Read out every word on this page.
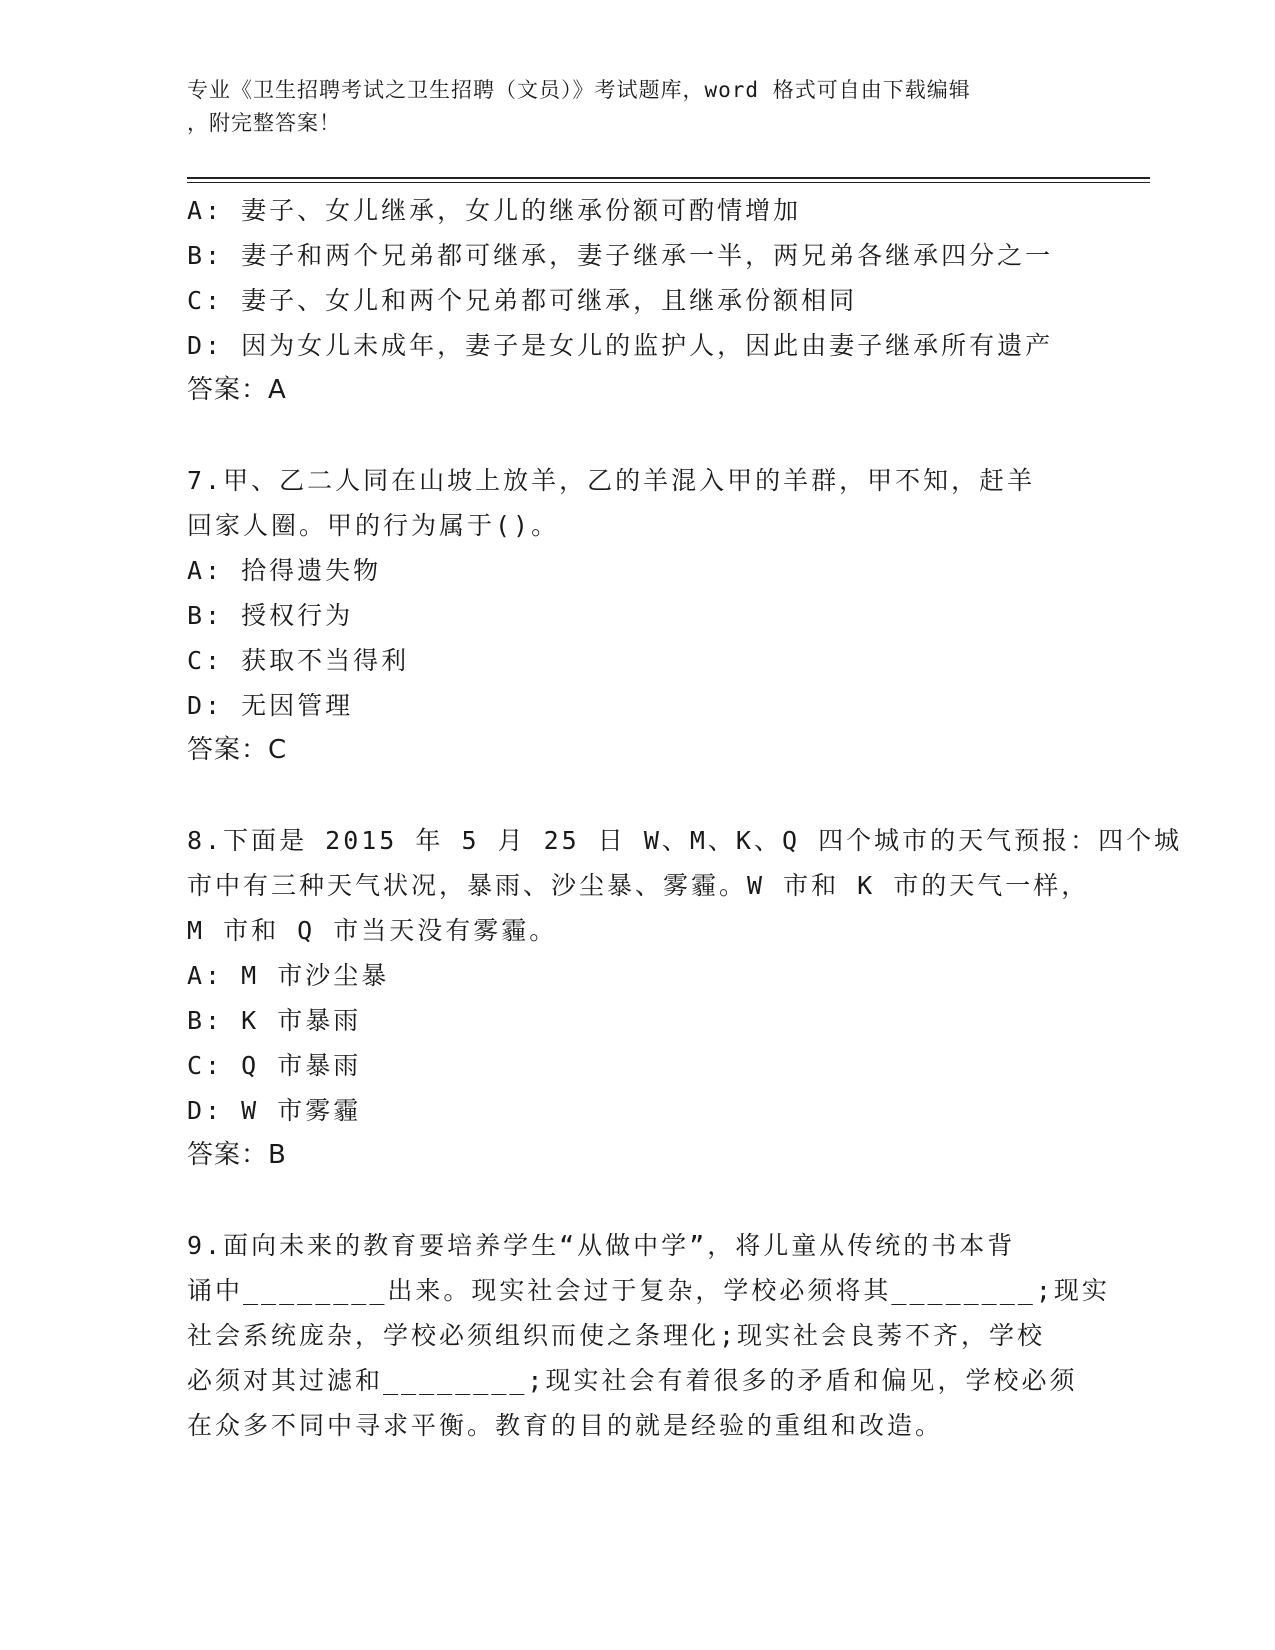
专业《卫生招聘考试之卫生招聘（文员）》考试题库，word 格式可自由下载编辑
，附完整答案！
A: 妻子、女儿继承，女儿的继承份额可酌情增加
B: 妻子和两个兄弟都可继承，妻子继承一半，两兄弟各继承四分之一
C: 妻子、女儿和两个兄弟都可继承，且继承份额相同
D: 因为女儿未成年，妻子是女儿的监护人，因此由妻子继承所有遗产
答案：A
7.甲、乙二人同在山坡上放羊，乙的羊混入甲的羊群，甲不知，赶羊
回家人圈。甲的行为属于()。
A: 拾得遗失物
B: 授权行为
C: 获取不当得利
D: 无因管理
答案：C
8.下面是 2015 年 5 月 25 日 W、M、K、Q 四个城市的天气预报：四个城
市中有三种天气状况，暴雨、沙尘暴、雾霾。W 市和 K 市的天气一样，
M 市和 Q 市当天没有雾霾。
A: M 市沙尘暴
B: K 市暴雨
C: Q 市暴雨
D: W 市雾霾
答案：B
9.面向未来的教育要培养学生“从做中学”，将儿童从传统的书本背
诵中________出来。现实社会过于复杂，学校必须将其________;现实
社会系统庞杂，学校必须组织而使之条理化;现实社会良莠不齐，学校
必须对其过滤和________;现实社会有着很多的矛盾和偏见，学校必须
在众多不同中寻求平衡。教育的目的就是经验的重组和改造。
